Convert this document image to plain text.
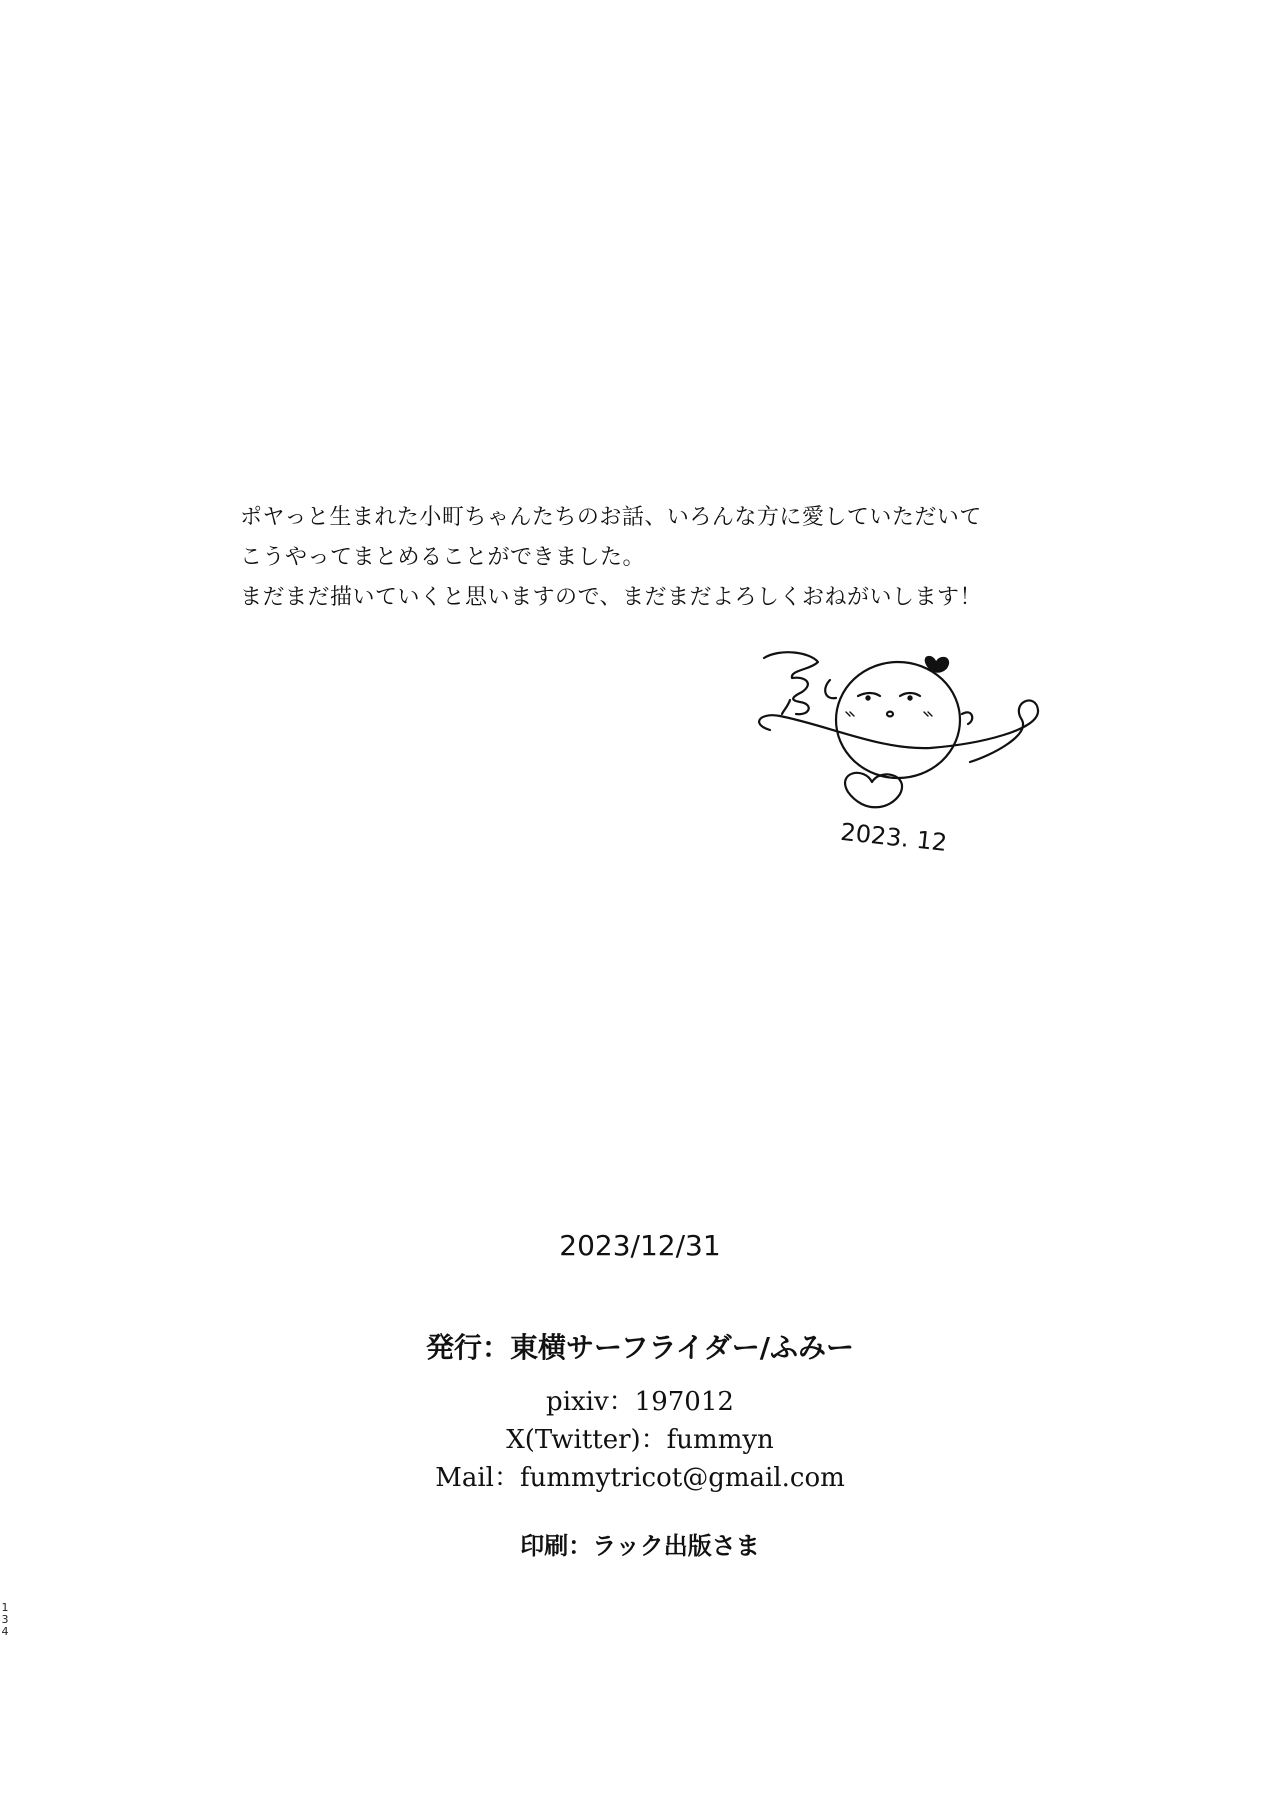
ポヤっと生まれた小町ちゃんたちのお話、いろんな方に愛していただいて

こうやってまとめることができました。

まだまだ描いていくと思いますので、まだまだよろしくおねがいします！

2023. 12
2023/12/31
発行：東横サーフライダー/ふみー
pixiv：197012
X(Twitter)：fummyn
Mail：fummytricot@gmail.com
印刷：ラック出版さま
1
3
4
